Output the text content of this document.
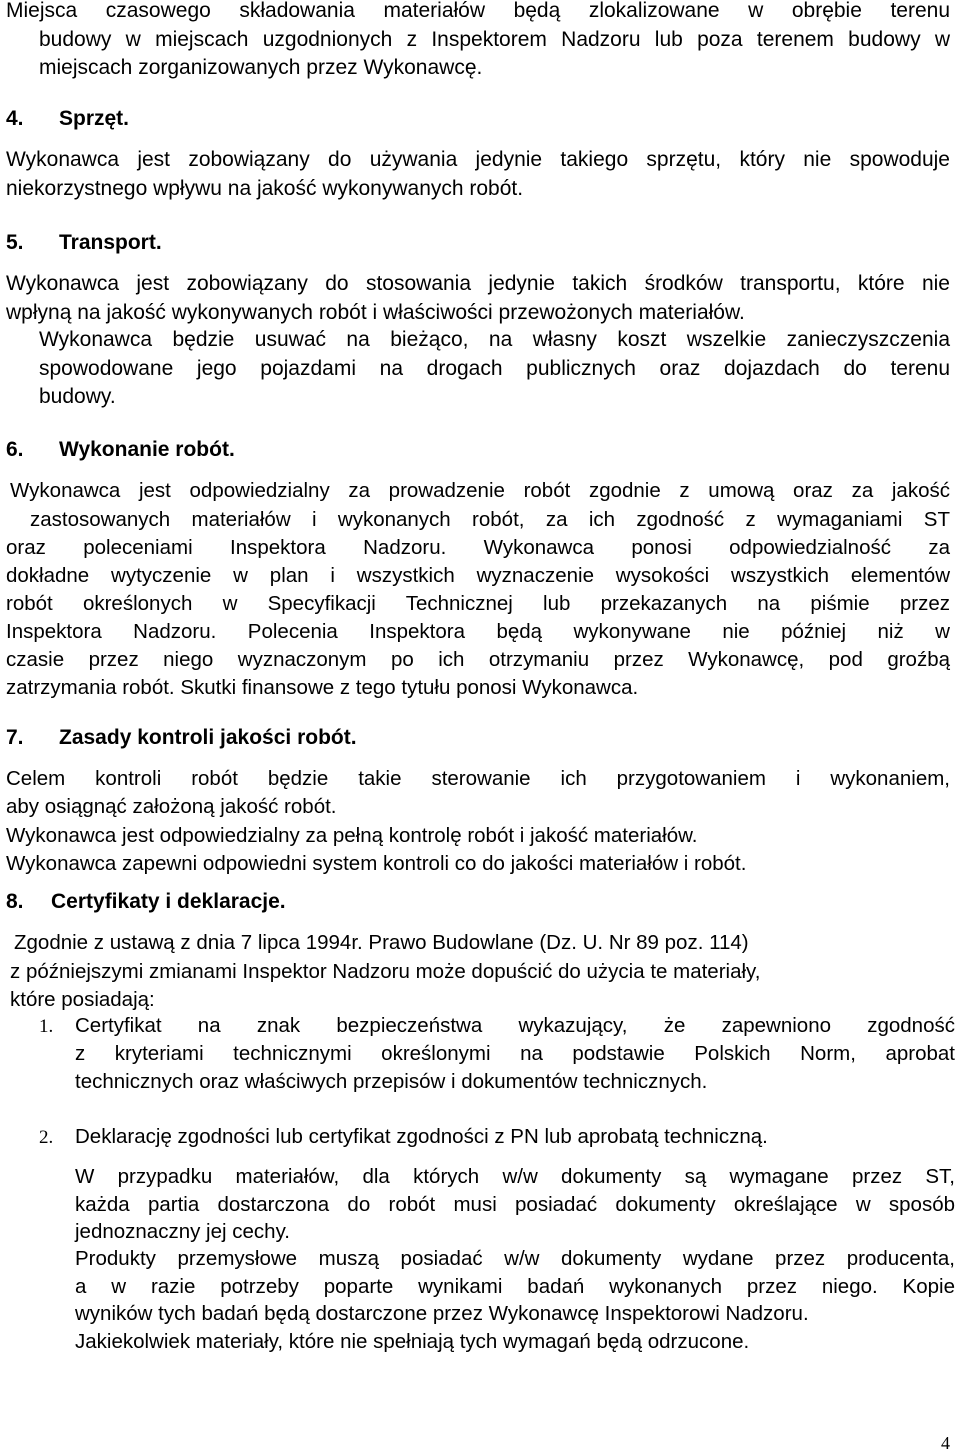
Miejsca czasowego składowania materiałów będą zlokalizowane w obrębie terenu
budowy w miejscach uzgodnionych z Inspektorem Nadzoru lub poza terenem budowy w
miejscach zorganizowanych przez Wykonawcę.
4. Sprzęt.
Wykonawca jest zobowiązany do używania jedynie takiego sprzętu, który nie spowoduje
niekorzystnego wpływu na jakość wykonywanych robót.
5. Transport.
Wykonawca jest zobowiązany do stosowania jedynie takich środków transportu, które nie
wpłyną na jakość wykonywanych robót i właściwości przewożonych materiałów.
Wykonawca będzie usuwać na bieżąco, na własny koszt wszelkie zanieczyszczenia
spowodowane jego pojazdami na drogach publicznych oraz dojazdach do terenu
budowy.
6. Wykonanie robót.
Wykonawca jest odpowiedzialny za prowadzenie robót zgodnie z umową oraz za jakość
zastosowanych materiałów i wykonanych robót, za ich zgodność z wymaganiami ST
oraz poleceniami Inspektora Nadzoru. Wykonawca ponosi odpowiedzialność za
dokładne wytyczenie w plan i wszystkich wyznaczenie wysokości wszystkich elementów
robót określonych w Specyfikacji Technicznej lub przekazanych na piśmie przez
Inspektora Nadzoru. Polecenia Inspektora będą wykonywane nie później niż w
czasie przez niego wyznaczonym po ich otrzymaniu przez Wykonawcę, pod groźbą
zatrzymania robót. Skutki finansowe z tego tytułu ponosi Wykonawca.
7. Zasady kontroli jakości robót.
Celem kontroli robót będzie takie sterowanie ich przygotowaniem i wykonaniem,
aby osiągnąć założoną jakość robót.
Wykonawca jest odpowiedzialny za pełną kontrolę robót i jakość materiałów.
Wykonawca zapewni odpowiedni system kontroli co do jakości materiałów i robót.
8. Certyfikaty i deklaracje.
Zgodnie z ustawą z dnia 7 lipca 1994r. Prawo Budowlane (Dz. U. Nr 89 poz. 114)
z późniejszymi zmianami Inspektor Nadzoru może dopuścić do użycia te materiały,
które posiadają:
1. Certyfikat na znak bezpieczeństwa wykazujący, że zapewniono zgodność
z kryteriami technicznymi określonymi na podstawie Polskich Norm, aprobat
technicznych oraz właściwych przepisów i dokumentów technicznych.
2. Deklarację zgodności lub certyfikat zgodności z PN lub aprobatą techniczną.
W przypadku materiałów, dla których w/w dokumenty są wymagane przez ST,
każda partia dostarczona do robót musi posiadać dokumenty określające w sposób
jednoznaczny jej cechy.
Produkty przemysłowe muszą posiadać w/w dokumenty wydane przez producenta,
a w razie potrzeby poparte wynikami badań wykonanych przez niego. Kopie
wyników tych badań będą dostarczone przez Wykonawcę Inspektorowi Nadzoru.
Jakiekolwiek materiały, które nie spełniają tych wymagań będą odrzucone.
4
